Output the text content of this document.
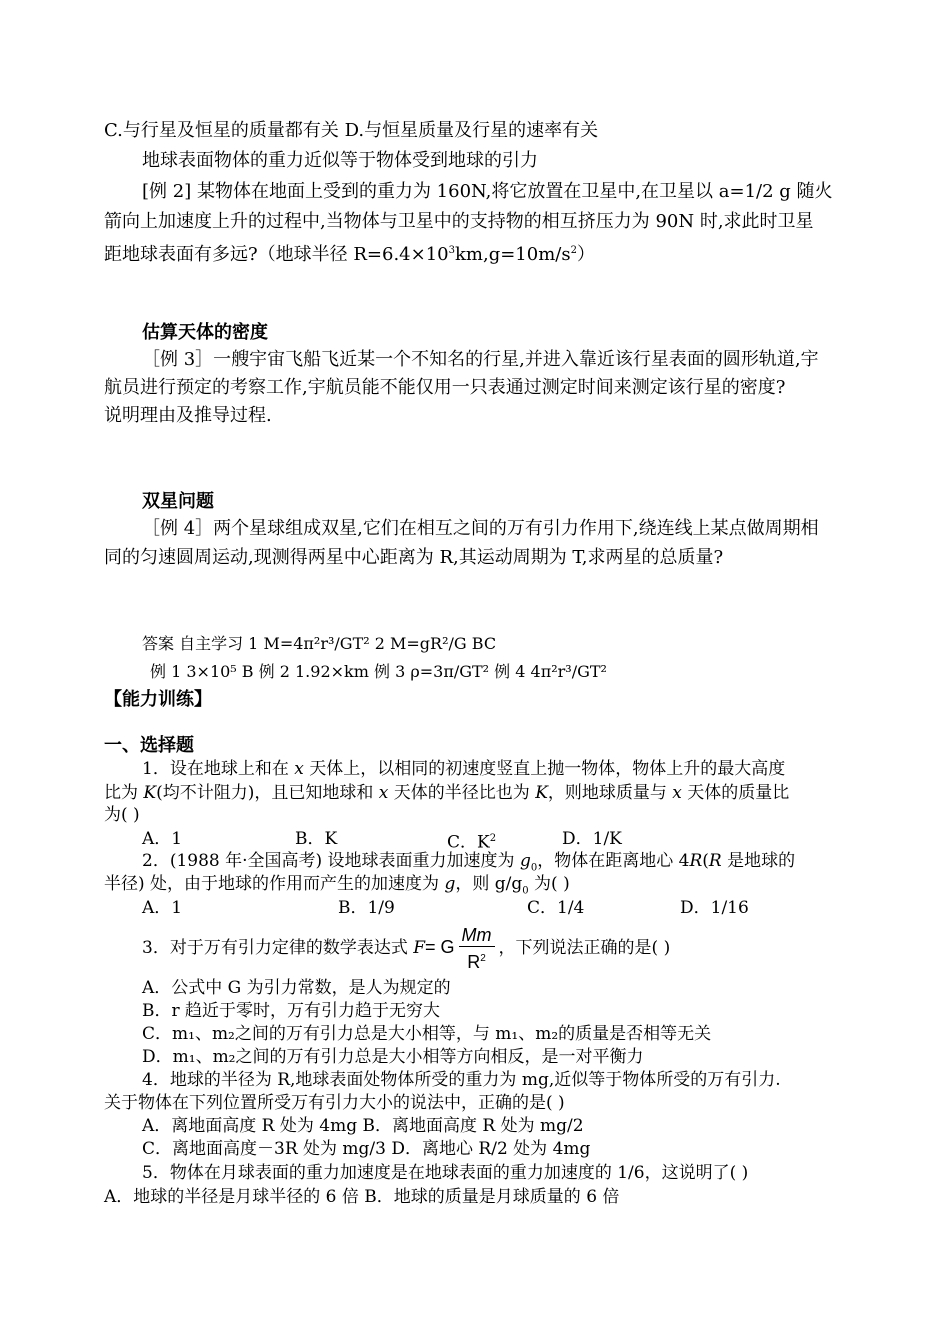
C.与行星及恒星的质量都有关 D.与恒星质量及行星的速率有关
地球表面物体的重力近似等于物体受到地球的引力
[例 2] 某物体在地面上受到的重力为 160N,将它放置在卫星中,在卫星以 a=1/2 g 随火
箭向上加速度上升的过程中,当物体与卫星中的支持物的相互挤压力为 90N 时,求此时卫星
距地球表面有多远?（地球半径 $R=6.4\times 10^3km,g=10m/s^2$）
估算天体的密度
［例 3］一艘宇宙飞船飞近某一个不知名的行星,并进入靠近该行星表面的圆形轨道,宇
航员进行预定的考察工作,宇航员能不能仅用一只表通过测定时间来测定该行星的密度?
说明理由及推导过程.
双星问题
［例 4］两个星球组成双星,它们在相互之间的万有引力作用下,绕连线上某点做周期相
同的匀速圆周运动,现测得两星中心距离为 R,其运动周期为 T,求两星的总质量?
答案 自主学习 1 M=4π²r³/GT² 2 M=gR²/G BC
例 1 3×10⁵ B 例 2 1.92×km 例 3 ρ=3π/GT² 例 4 4π²r³/GT²
【能力训练】
一、选择题
1．设在地球上和在 x 天体上，以相同的初速度竖直上抛一物体，物体上升的最大高度
比为 K(均不计阻力)，且已知地球和 x 天体的半径比也为 K，则地球质量与 x 天体的质量比
为( )
A．1	B．K	C．$K^2$	D．1/K
2．(1988 年·全国高考) 设地球表面重力加速度为 $g_0$，物体在距离地心 4R(R 是地球的
半径) 处，由于地球的作用而产生的加速度为 g，则 $g/g_0$ 为( )
A．1	B．1/9	C．1/4	D．1/16
3．对于万有引力定律的数学表达式 F= G $\frac{Mm}{R^2}$ ，下列说法正确的是( )
A．公式中 G 为引力常数，是人为规定的
B．r 趋近于零时，万有引力趋于无穷大
C．m₁、m₂之间的万有引力总是大小相等，与 m₁、m₂的质量是否相等无关
D．m₁、m₂之间的万有引力总是大小相等方向相反，是一对平衡力
4．地球的半径为 R,地球表面处物体所受的重力为 mg,近似等于物体所受的万有引力.
关于物体在下列位置所受万有引力大小的说法中，正确的是( )
A．离地面高度 R 处为 4mg B．离地面高度 R 处为 mg/2
C．离地面高度－3R 处为 mg/3 D．离地心 R/2 处为 4mg
5．物体在月球表面的重力加速度是在地球表面的重力加速度的 1/6，这说明了( )
A．地球的半径是月球半径的 6 倍 B．地球的质量是月球质量的 6 倍
